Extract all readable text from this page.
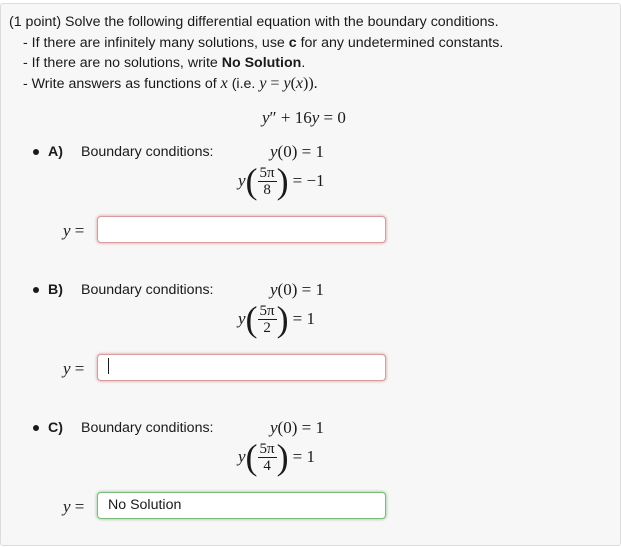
(1 point) Solve the following differential equation with the boundary conditions.
- If there are infinitely many solutions, use c for any undetermined constants.
- If there are no solutions, write No Solution.
- Write answers as functions of x (i.e. y = y(x)).
y″ + 16y = 0
A) Boundary conditions:	y(0) = 1
y ( $\frac{5\pi}{8}$ ) = −1
y =
B) Boundary conditions:	y(0) = 1
y ( $\frac{5\pi}{2}$ ) = 1
y =
C) Boundary conditions:	y(0) = 1
y ( $\frac{5\pi}{4}$ ) = 1
y =	No Solution
